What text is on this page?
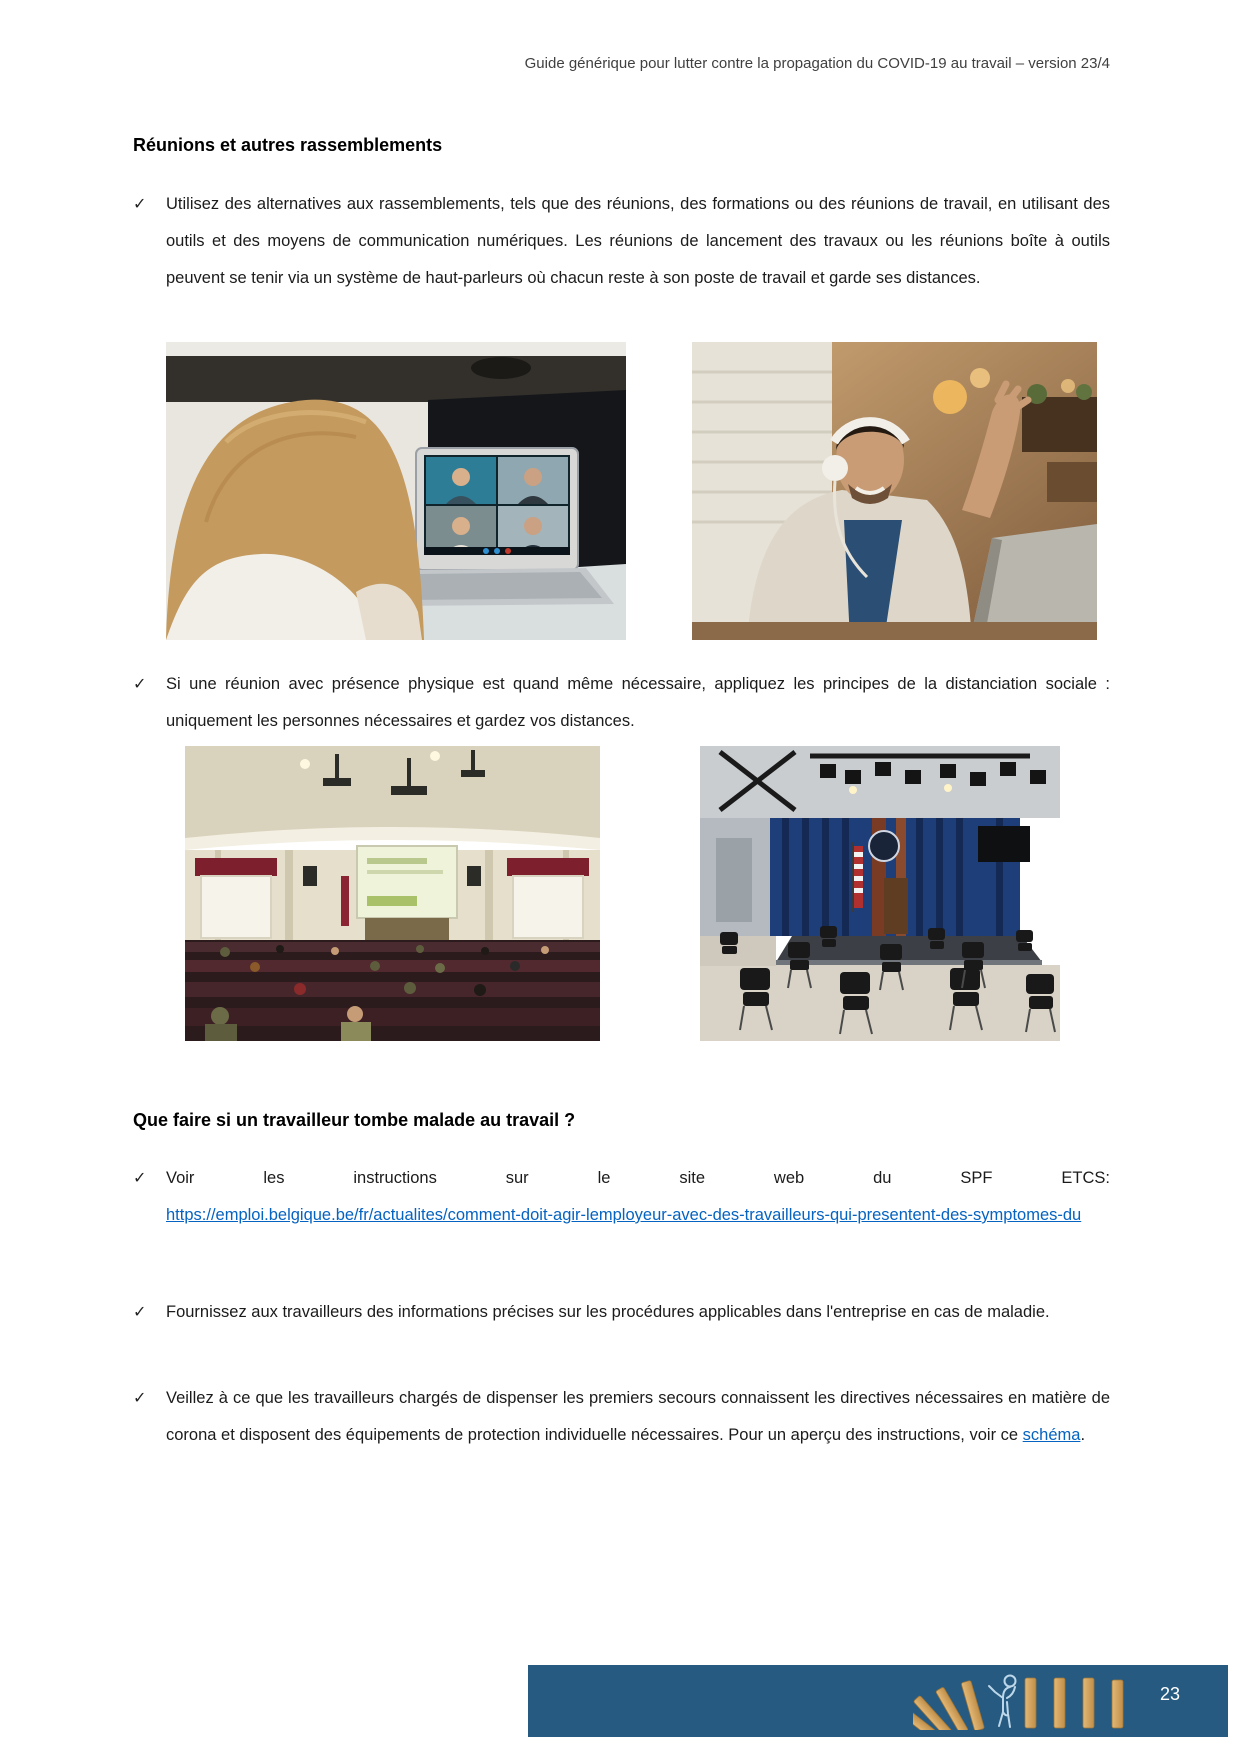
Guide générique pour lutter contre la propagation du COVID-19 au travail – version 23/4
Réunions et autres rassemblements
✓	Utilisez des alternatives aux rassemblements, tels que des réunions, des formations ou des réunions de travail, en utilisant des outils et des moyens de communication numériques. Les réunions de lancement des travaux ou les réunions boîte à outils peuvent se tenir via un système de haut-parleurs où chacun reste à son poste de travail et garde ses distances.
✓	Si une réunion avec présence physique est quand même nécessaire, appliquez les principes de la distanciation sociale : uniquement les personnes nécessaires et gardez vos distances.
Que faire si un travailleur tombe malade au travail ?
✓	Voir les instructions sur le site web du SPF ETCS:
https://emploi.belgique.be/fr/actualites/comment-doit-agir-lemployeur-avec-des-travailleurs-qui-presentent-des-symptomes-du
✓	Fournissez aux travailleurs des informations précises sur les procédures applicables dans l'entreprise en cas de maladie.
✓	Veillez à ce que les travailleurs chargés de dispenser les premiers secours connaissent les directives nécessaires en matière de corona et disposent des équipements de protection individuelle nécessaires. Pour un aperçu des instructions, voir ce schéma.
23
